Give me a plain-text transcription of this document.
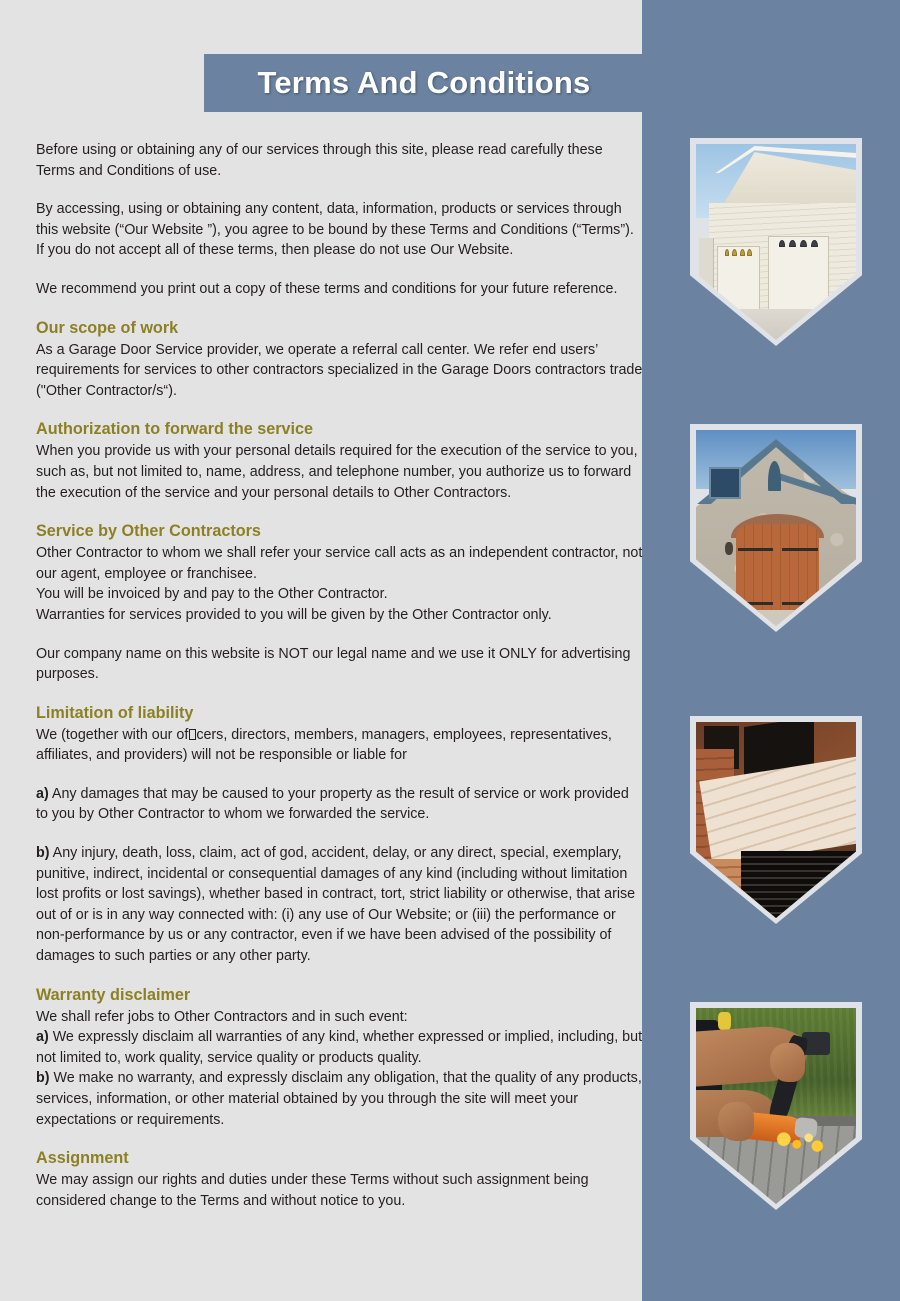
Terms And Conditions

Before using or obtaining any of our services through this site, please read carefully these Terms and Conditions of use.

By accessing, using or obtaining any content, data, information, products or services through this website (“Our Website ”), you agree to be bound by these Terms and Conditions (“Terms”). If you do not accept all of these terms, then please do not use Our Website.

We recommend you print out a copy of these terms and conditions for your future reference.

Our scope of work

As a Garage Door Service provider, we operate a referral call center. We refer end users’ requirements for services to other contractors specialized in the Garage Doors contractors trade ("Other Contractor/s“).

Authorization to forward the service

When you provide us with your personal details required for the execution of the service to you, such as, but not limited to, name, address, and telephone number, you authorize us to forward the execution of the service and your personal details to Other Contractors.

Service by Other Contractors

Other Contractor to whom we shall refer your service call acts as an independent contractor, not our agent, employee or franchisee.

You will be invoiced by and pay to the Other Contractor.

Warranties for services provided to you will be given by the Other Contractor only.

Our company name on this website is NOT our legal name and we use it ONLY for advertising purposes.

Limitation of liability

We (together with our of cers, directors, members, managers, employees, representatives, affiliates, and providers) will not be responsible or liable for

a) Any damages that may be caused to your property as the result of service or work provided to you by Other Contractor to whom we forwarded the service.

b) Any injury, death, loss, claim, act of god, accident, delay, or any direct, special, exemplary, punitive, indirect, incidental or consequential damages of any kind (including without limitation lost profits or lost savings), whether based in contract, tort, strict liability or otherwise, that arise out of or is in any way connected with: (i) any use of Our Website; or (iii) the performance or non-performance by us or any contractor, even if we have been advised of the possibility of damages to such parties or any other party.

Warranty disclaimer

We shall refer jobs to Other Contractors and in such event:

a) We expressly disclaim all warranties of any kind, whether expressed or implied, including, but not limited to, work quality, service quality or products quality.

b) We make no warranty, and expressly disclaim any obligation, that the quality of any products, services, information, or other material obtained by you through the site will meet your expectations or requirements.

Assignment

We may assign our rights and duties under these Terms without such assignment being considered change to the Terms and without notice to you.
